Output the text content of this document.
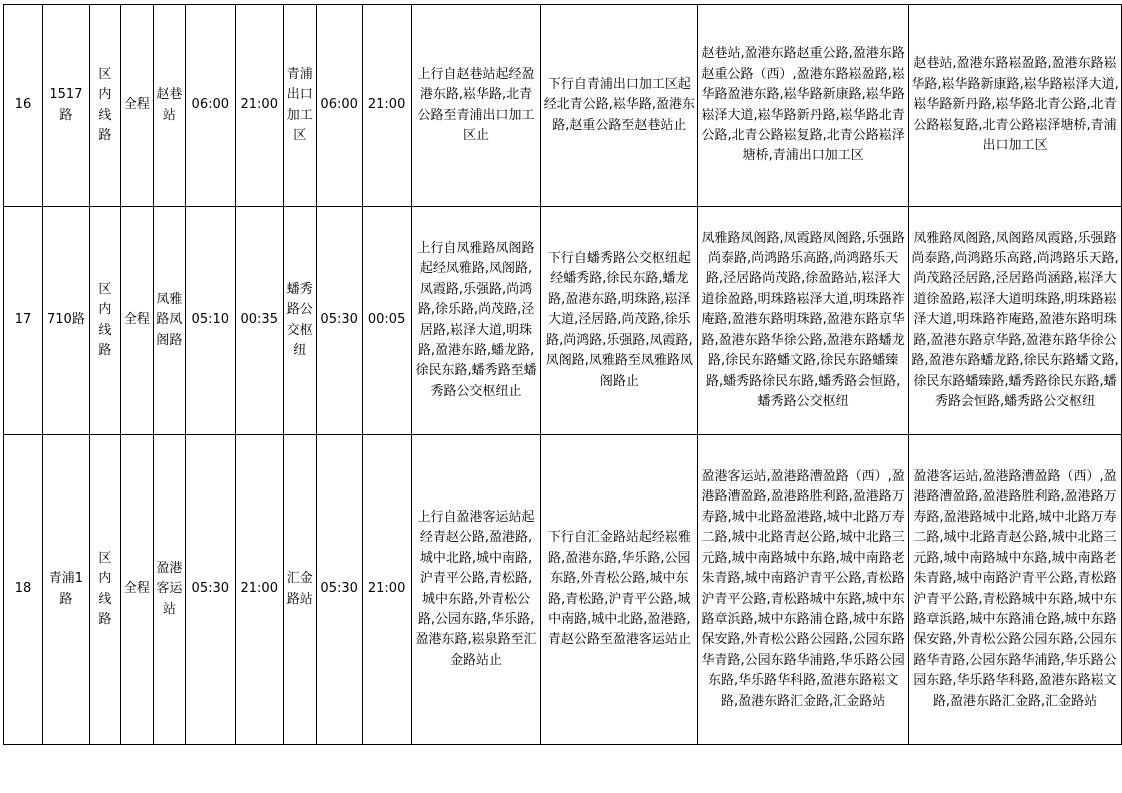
16	1517路	区内线路	全程	赵巷站	06:00	21:00	青浦出口加工区	06:00	21:00	上行自赵巷站起经盈港东路,崧华路,北青公路至青浦出口加工区止	下行自青浦出口加工区起经北青公路,崧华路,盈港东路,赵重公路至赵巷站止	赵巷站,盈港东路赵重公路,盈港东路赵重公路（西）,盈港东路崧盈路,崧华路盈港东路,崧华路新康路,崧华路崧泽大道,崧华路新丹路,崧华路北青公路,北青公路崧复路,北青公路崧泽塘桥,青浦出口加工区	赵巷站,盈港东路崧盈路,盈港东路崧华路,崧华路新康路,崧华路崧泽大道,崧华路新丹路,崧华路北青公路,北青公路崧复路,北青公路崧泽塘桥,青浦出口加工区
17	710路	区内线路	全程	凤雅路凤阁路	05:10	00:35	蟠秀路公交枢纽	05:30	00:05	上行自凤雅路凤阁路起经凤雅路,凤阁路,凤霞路,乐强路,尚鸿路,徐乐路,尚茂路,泾居路,崧泽大道,明珠路,盈港东路,蟠龙路,徐民东路,蟠秀路至蟠秀路公交枢纽止	下行自蟠秀路公交枢纽起经蟠秀路,徐民东路,蟠龙路,盈港东路,明珠路,崧泽大道,泾居路,尚茂路,徐乐路,尚鸿路,乐强路,凤霞路,凤阁路,凤雅路至凤雅路凤阁路止	凤雅路凤阁路,凤霞路凤阁路,乐强路尚泰路,尚鸿路乐高路,尚鸿路乐天路,泾居路尚茂路,徐盈路站,崧泽大道徐盈路,明珠路崧泽大道,明珠路祚庵路,盈港东路明珠路,盈港东路京华路,盈港东路华徐公路,盈港东路蟠龙路,徐民东路蟠文路,徐民东路蟠臻路,蟠秀路徐民东路,蟠秀路会恒路,蟠秀路公交枢纽	凤雅路凤阁路,凤阁路凤霞路,乐强路尚泰路,尚鸿路乐高路,尚鸿路乐天路,尚茂路泾居路,泾居路尚涵路,崧泽大道徐盈路,崧泽大道明珠路,明珠路崧泽大道,明珠路祚庵路,盈港东路明珠路,盈港东路京华路,盈港东路华徐公路,盈港东路蟠龙路,徐民东路蟠文路,徐民东路蟠臻路,蟠秀路徐民东路,蟠秀路会恒路,蟠秀路公交枢纽
18	青浦1路	区内线路	全程	盈港客运站	05:30	21:00	汇金路站	05:30	21:00	上行自盈港客运站起经青赵公路,盈港路,城中北路,城中南路,沪青平公路,青松路,城中东路,外青松公路,公园东路,华乐路,盈港东路,崧泉路至汇金路站止	下行自汇金路站起经崧雅路,盈港东路,华乐路,公园东路,外青松公路,城中东路,青松路,沪青平公路,城中南路,城中北路,盈港路,青赵公路至盈港客运站止	盈港客运站,盈港路漕盈路（西）,盈港路漕盈路,盈港路胜利路,盈港路万寿路,城中北路盈港路,城中北路万寿二路,城中北路青赵公路,城中北路三元路,城中南路城中东路,城中南路老朱青路,城中南路沪青平公路,青松路沪青平公路,青松路城中东路,城中东路章浜路,城中东路浦仓路,城中东路保安路,外青松公路公园路,公园东路华青路,公园东路华浦路,华乐路公园东路,华乐路华科路,盈港东路崧文路,盈港东路汇金路,汇金路站	盈港客运站,盈港路漕盈路（西）,盈港路漕盈路,盈港路胜利路,盈港路万寿路,盈港路城中北路,城中北路万寿二路,城中北路青赵公路,城中北路三元路,城中南路城中东路,城中南路老朱青路,城中南路沪青平公路,青松路沪青平公路,青松路城中东路,城中东路章浜路,城中东路浦仓路,城中东路保安路,外青松公路公园东路,公园东路华青路,公园东路华浦路,华乐路公园东路,华乐路华科路,盈港东路崧文路,盈港东路汇金路,汇金路站
